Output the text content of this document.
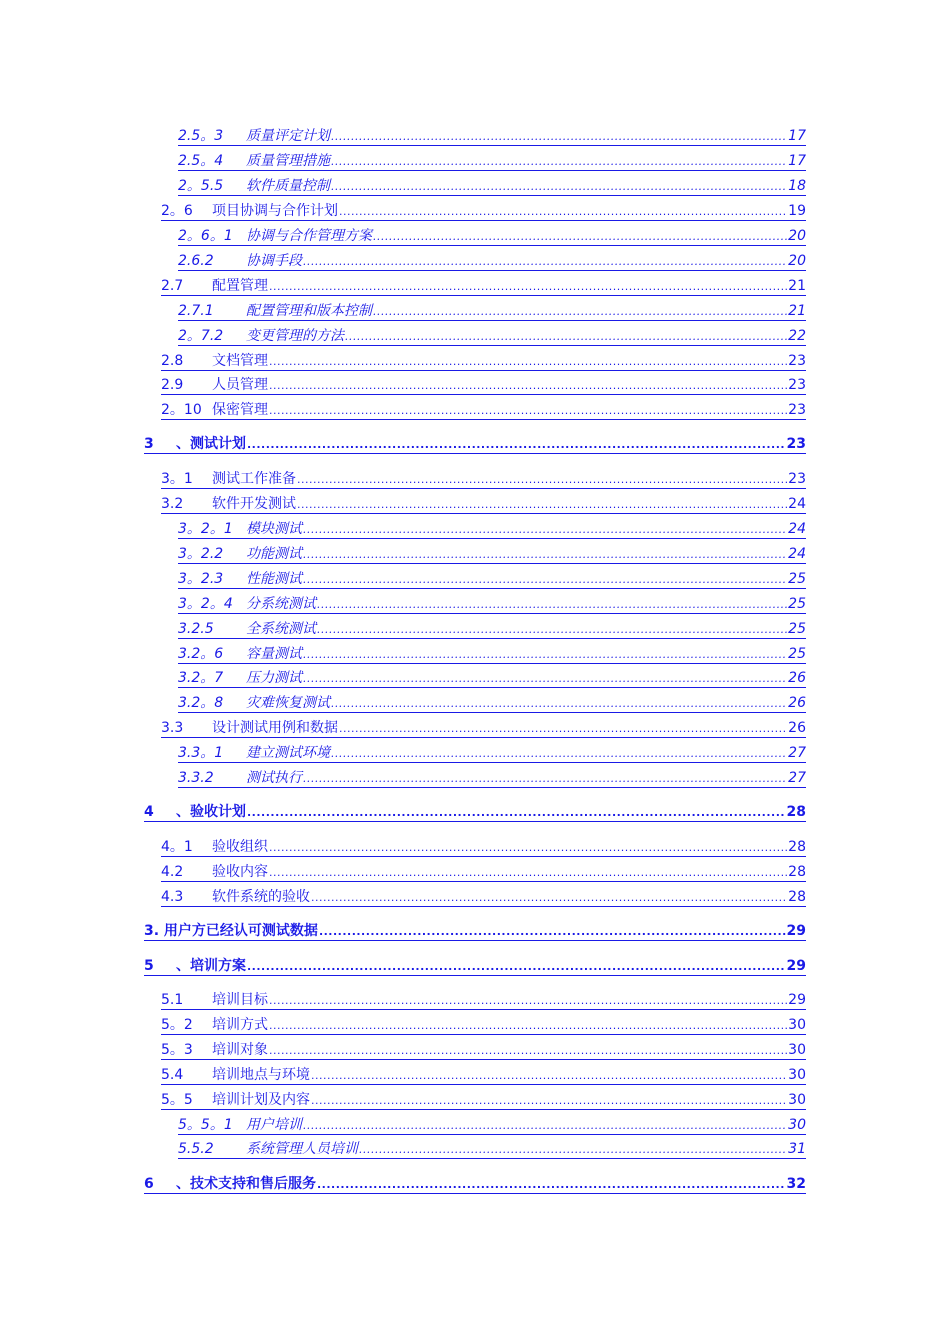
2.5。3	质量评定计划 .....	17
2.5。4	质量管理措施 .....	17
2。5.5	软件质量控制 .....	18
2。6	项目协调与合作计划 .....	19
2。6。1 协调与合作管理方案 .....	20
2.6.2	协调手段 .....	20
2.7	配置管理 .....	21
2.7.1	配置管理和版本控制 .....	21
2。7.2	变更管理的方法 .....	22
2.8	文档管理 .....	23
2.9	人员管理 .....	23
2。10 保密管理 .....	23
3	、测试计划 .....	23
3。1	测试工作准备 .....	23
3.2	软件开发测试 .....	24
3。2。1 模块测试 .....	24
3。2.2	功能测试 .....	24
3。2.3	性能测试 .....	25
3。2。4 分系统测试 .....	25
3.2.5	全系统测试 .....	25
3.2。6	容量测试 .....	25
3.2。7	压力测试 .....	26
3.2。8	灾难恢复测试 .....	26
3.3	设计测试用例和数据 .....	26
3.3。1	建立测试环境 .....	27
3.3.2	测试执行 .....	27
4	、验收计划 .....	28
4。1	验收组织 .....	28
4.2	验收内容 .....	28
4.3	软件系统的验收 .....	28
3. 用户方已经认可测试数据 .....	29
5	、培训方案 .....	29
5.1	培训目标 .....	29
5。2	培训方式 .....	30
5。3	培训对象 .....	30
5.4	培训地点与环境 .....	30
5。5	培训计划及内容 .....	30
5。5。1 用户培训 .....	30
5.5.2	系统管理人员培训 .....	31
6	、技术支持和售后服务 .....	32
